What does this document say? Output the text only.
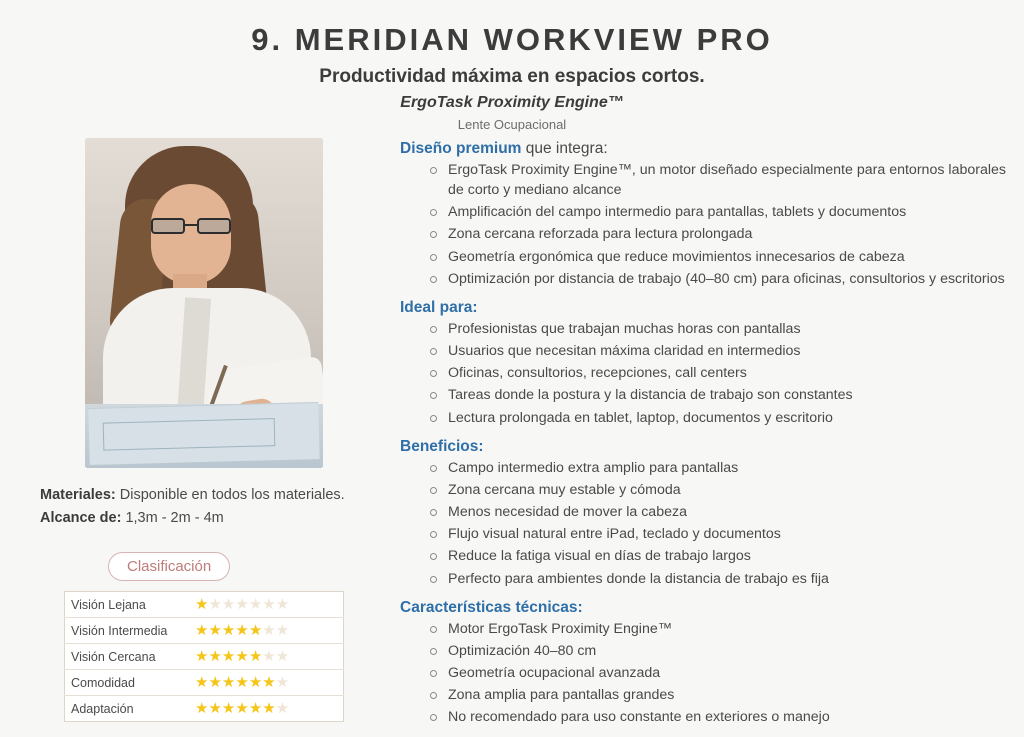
9. MERIDIAN WORKVIEW PRO

Productividad máxima en espacios cortos.

ErgoTask Proximity Engine™

Lente Ocupacional

Materiales: Disponible en todos los materiales.
Alcance de: 1,3m - 2m - 4m
Clasificación
Visión Lejana	★★★★★★★
Visión Intermedia	★★★★★★★
Visión Cercana	★★★★★★★
Comodidad	★★★★★★★
Adaptación	★★★★★★★
Diseño premium que integra:
ErgoTask Proximity Engine™, un motor diseñado especialmente para entornos laborales de corto y mediano alcance
Amplificación del campo intermedio para pantallas, tablets y documentos
Zona cercana reforzada para lectura prolongada
Geometría ergonómica que reduce movimientos innecesarios de cabeza
Optimización por distancia de trabajo (40–80 cm) para oficinas, consultorios y escritorios
Ideal para:
Profesionistas que trabajan muchas horas con pantallas
Usuarios que necesitan máxima claridad en intermedios
Oficinas, consultorios, recepciones, call centers
Tareas donde la postura y la distancia de trabajo son constantes
Lectura prolongada en tablet, laptop, documentos y escritorio
Beneficios:
Campo intermedio extra amplio para pantallas
Zona cercana muy estable y cómoda
Menos necesidad de mover la cabeza
Flujo visual natural entre iPad, teclado y documentos
Reduce la fatiga visual en días de trabajo largos
Perfecto para ambientes donde la distancia de trabajo es fija
Características técnicas:
Motor ErgoTask Proximity Engine™
Optimización 40–80 cm
Geometría ocupacional avanzada
Zona amplia para pantallas grandes
No recomendado para uso constante en exteriores o manejo
